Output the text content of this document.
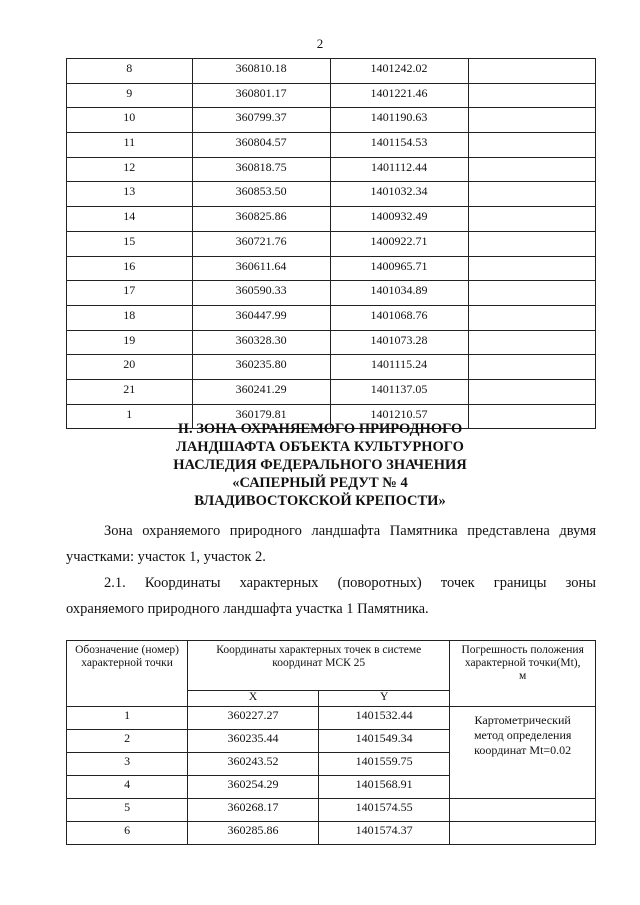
2
8	360810.18	1401242.02	
9	360801.17	1401221.46	
10	360799.37	1401190.63	
11	360804.57	1401154.53	
12	360818.75	1401112.44	
13	360853.50	1401032.34	
14	360825.86	1400932.49	
15	360721.76	1400922.71	
16	360611.64	1400965.71	
17	360590.33	1401034.89	
18	360447.99	1401068.76	
19	360328.30	1401073.28	
20	360235.80	1401115.24	
21	360241.29	1401137.05	
1	360179.81	1401210.57	
II. ЗОНА ОХРАНЯЕМОГО ПРИРОДНОГО
ЛАНДШАФТА ОБЪЕКТА КУЛЬТУРНОГО
НАСЛЕДИЯ ФЕДЕРАЛЬНОГО ЗНАЧЕНИЯ
«САПЕРНЫЙ РЕДУТ № 4
ВЛАДИВОСТОКСКОЙ КРЕПОСТИ»
Зона охраняемого природного ландшафта Памятника представлена двумя участками: участок 1, участок 2.
2.1. Координаты характерных (поворотных) точек границы зоны
охраняемого природного ландшафта участка 1 Памятника.
Обозначение (номер) характерной точки	Координаты характерных точек в системе координат МСК 25		Погрешность положения характерной точки(Mt), м
	X	Y	
1	360227.27	1401532.44	Картометрический метод определения координат Mt=0.02
2	360235.44	1401549.34	
3	360243.52	1401559.75	
4	360254.29	1401568.91	
5	360268.17	1401574.55	
6	360285.86	1401574.37	
